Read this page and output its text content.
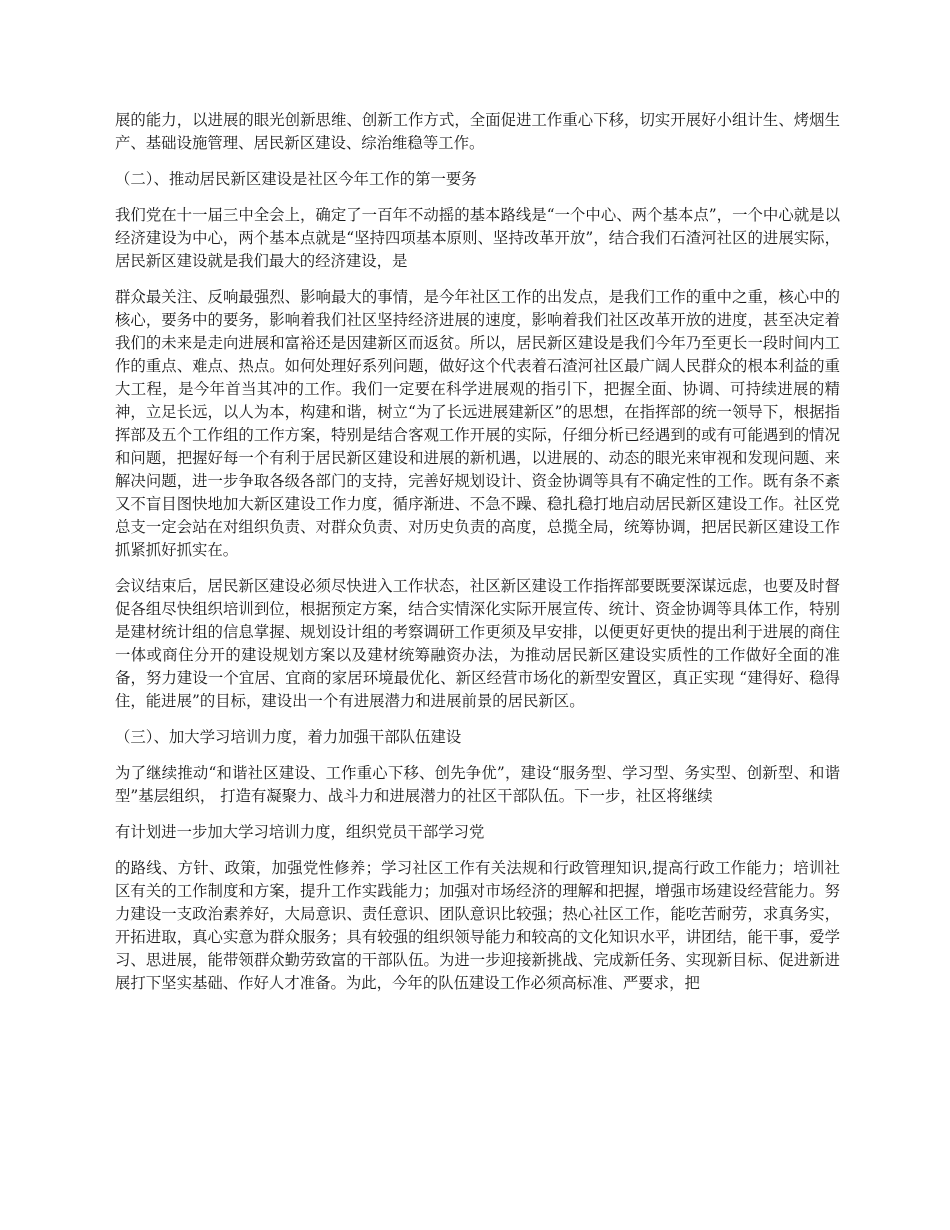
展的能力，以进展的眼光创新思维、创新工作方式，全面促进工作重心下移，切实开展好小组计生、烤烟生产、基础设施管理、居民新区建设、综治维稳等工作。

（二）、推动居民新区建设是社区今年工作的第一要务

我们党在十一届三中全会上，确定了一百年不动摇的基本路线是“一个中心、两个基本点”，一个中心就是以经济建设为中心，两个基本点就是“坚持四项基本原则、坚持改革开放”，结合我们石渣河社区的进展实际，居民新区建设就是我们最大的经济建设，是

群众最关注、反响最强烈、影响最大的事情，是今年社区工作的出发点，是我们工作的重中之重，核心中的核心，要务中的要务，影响着我们社区坚持经济进展的速度，影响着我们社区改革开放的进度，甚至决定着我们的未来是走向进展和富裕还是因建新区而返贫。所以，居民新区建设是我们今年乃至更长一段时间内工作的重点、难点、热点。如何处理好系列问题，做好这个代表着石渣河社区最广阔人民群众的根本利益的重大工程，是今年首当其冲的工作。我们一定要在科学进展观的指引下，把握全面、协调、可持续进展的精神，立足长远，以人为本，构建和谐，树立“为了长远进展建新区”的思想，在指挥部的统一领导下，根据指挥部及五个工作组的工作方案，特别是结合客观工作开展的实际，仔细分析已经遇到的或有可能遇到的情况和问题，把握好每一个有利于居民新区建设和进展的新机遇，以进展的、动态的眼光来审视和发现问题、来解决问题，进一步争取各级各部门的支持，完善好规划设计、资金协调等具有不确定性的工作。既有条不紊又不盲目图快地加大新区建设工作力度，循序渐进、不急不躁、稳扎稳打地启动居民新区建设工作。社区党总支一定会站在对组织负责、对群众负责、对历史负责的高度，总揽全局，统筹协调，把居民新区建设工作抓紧抓好抓实在。

会议结束后，居民新区建设必须尽快进入工作状态，社区新区建设工作指挥部要既要深谋远虑，也要及时督促各组尽快组织培训到位，根据预定方案，结合实情深化实际开展宣传、统计、资金协调等具体工作，特别是建材统计组的信息掌握、规划设计组的考察调研工作更须及早安排，以便更好更快的提出利于进展的商住一体或商住分开的建设规划方案以及建材统筹融资办法，为推动居民新区建设实质性的工作做好全面的准备，努力建设一个宜居、宜商的家居环境最优化、新区经营市场化的新型安置区，真正实现 “建得好、稳得住，能进展”的目标，建设出一个有进展潜力和进展前景的居民新区。

（三）、加大学习培训力度，着力加强干部队伍建设

为了继续推动“和谐社区建设、工作重心下移、创先争优”，建设“服务型、学习型、务实型、创新型、和谐型”基层组织， 打造有凝聚力、战斗力和进展潜力的社区干部队伍。下一步，社区将继续

有计划进一步加大学习培训力度，组织党员干部学习党

的路线、方针、政策，加强党性修养；学习社区工作有关法规和行政管理知识,提高行政工作能力；培训社区有关的工作制度和方案，提升工作实践能力；加强对市场经济的理解和把握，增强市场建设经营能力。努力建设一支政治素养好，大局意识、责任意识、团队意识比较强；热心社区工作，能吃苦耐劳，求真务实，开拓进取，真心实意为群众服务；具有较强的组织领导能力和较高的文化知识水平，讲团结，能干事，爱学习、思进展，能带领群众勤劳致富的干部队伍。为进一步迎接新挑战、完成新任务、实现新目标、促进新进展打下坚实基础、作好人才准备。为此，今年的队伍建设工作必须高标准、严要求，把
